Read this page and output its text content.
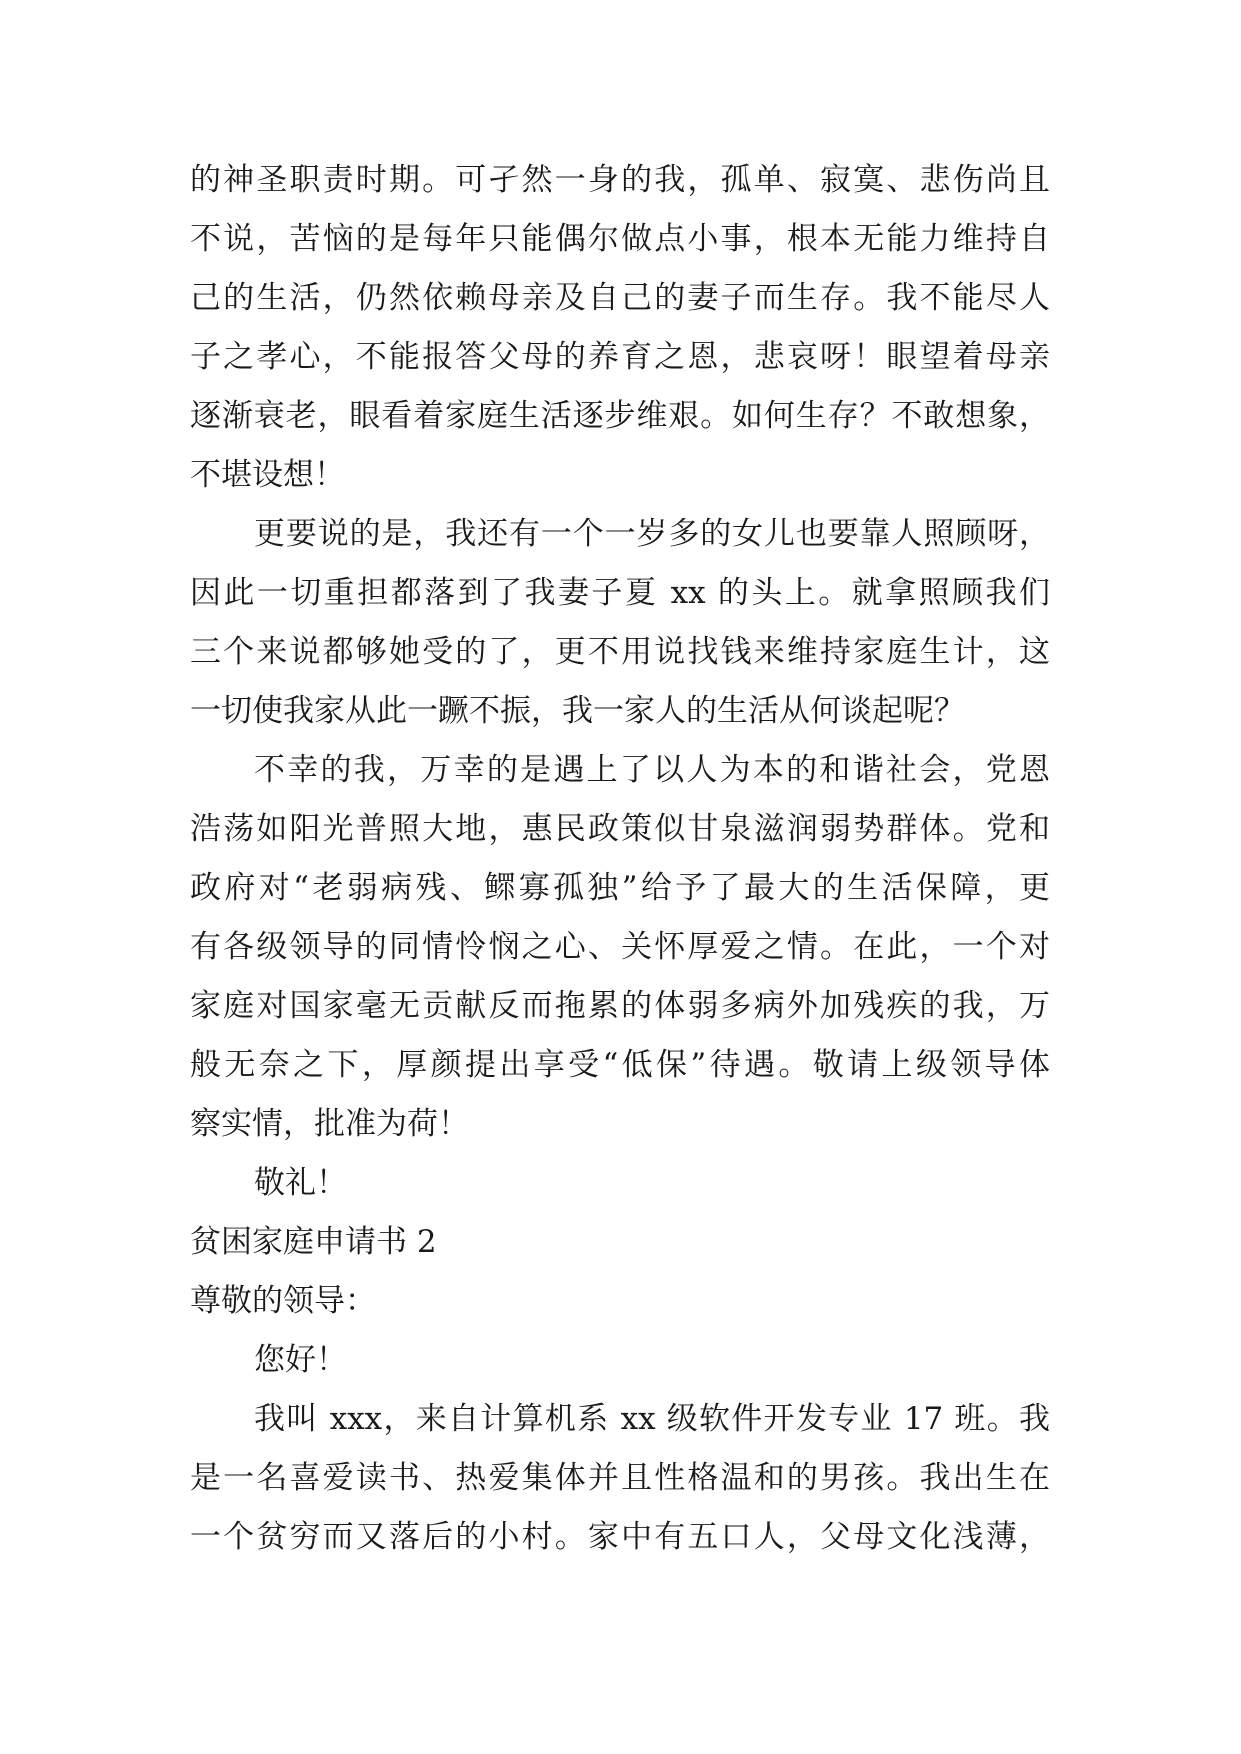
的神圣职责时期。可孑然一身的我，孤单、寂寞、悲伤尚且
不说，苦恼的是每年只能偶尔做点小事，根本无能力维持自
己的生活，仍然依赖母亲及自己的妻子而生存。我不能尽人
子之孝心，不能报答父母的养育之恩，悲哀呀！眼望着母亲
逐渐衰老，眼看着家庭生活逐步维艰。如何生存？不敢想象，
不堪设想！
更要说的是，我还有一个一岁多的女儿也要靠人照顾呀，
因此一切重担都落到了我妻子夏 xx 的头上。就拿照顾我们
三个来说都够她受的了，更不用说找钱来维持家庭生计，这
一切使我家从此一蹶不振，我一家人的生活从何谈起呢？
不幸的我，万幸的是遇上了以人为本的和谐社会，党恩
浩荡如阳光普照大地，惠民政策似甘泉滋润弱势群体。党和
政府对“老弱病残、鳏寡孤独”给予了最大的生活保障，更
有各级领导的同情怜悯之心、关怀厚爱之情。在此，一个对
家庭对国家毫无贡献反而拖累的体弱多病外加残疾的我，万
般无奈之下，厚颜提出享受“低保”待遇。敬请上级领导体
察实情，批准为荷！
敬礼！
贫困家庭申请书 2
尊敬的领导：
您好！
我叫 xxx，来自计算机系 xx 级软件开发专业 17 班。我
是一名喜爱读书、热爱集体并且性格温和的男孩。我出生在
一个贫穷而又落后的小村。家中有五口人，父母文化浅薄，
